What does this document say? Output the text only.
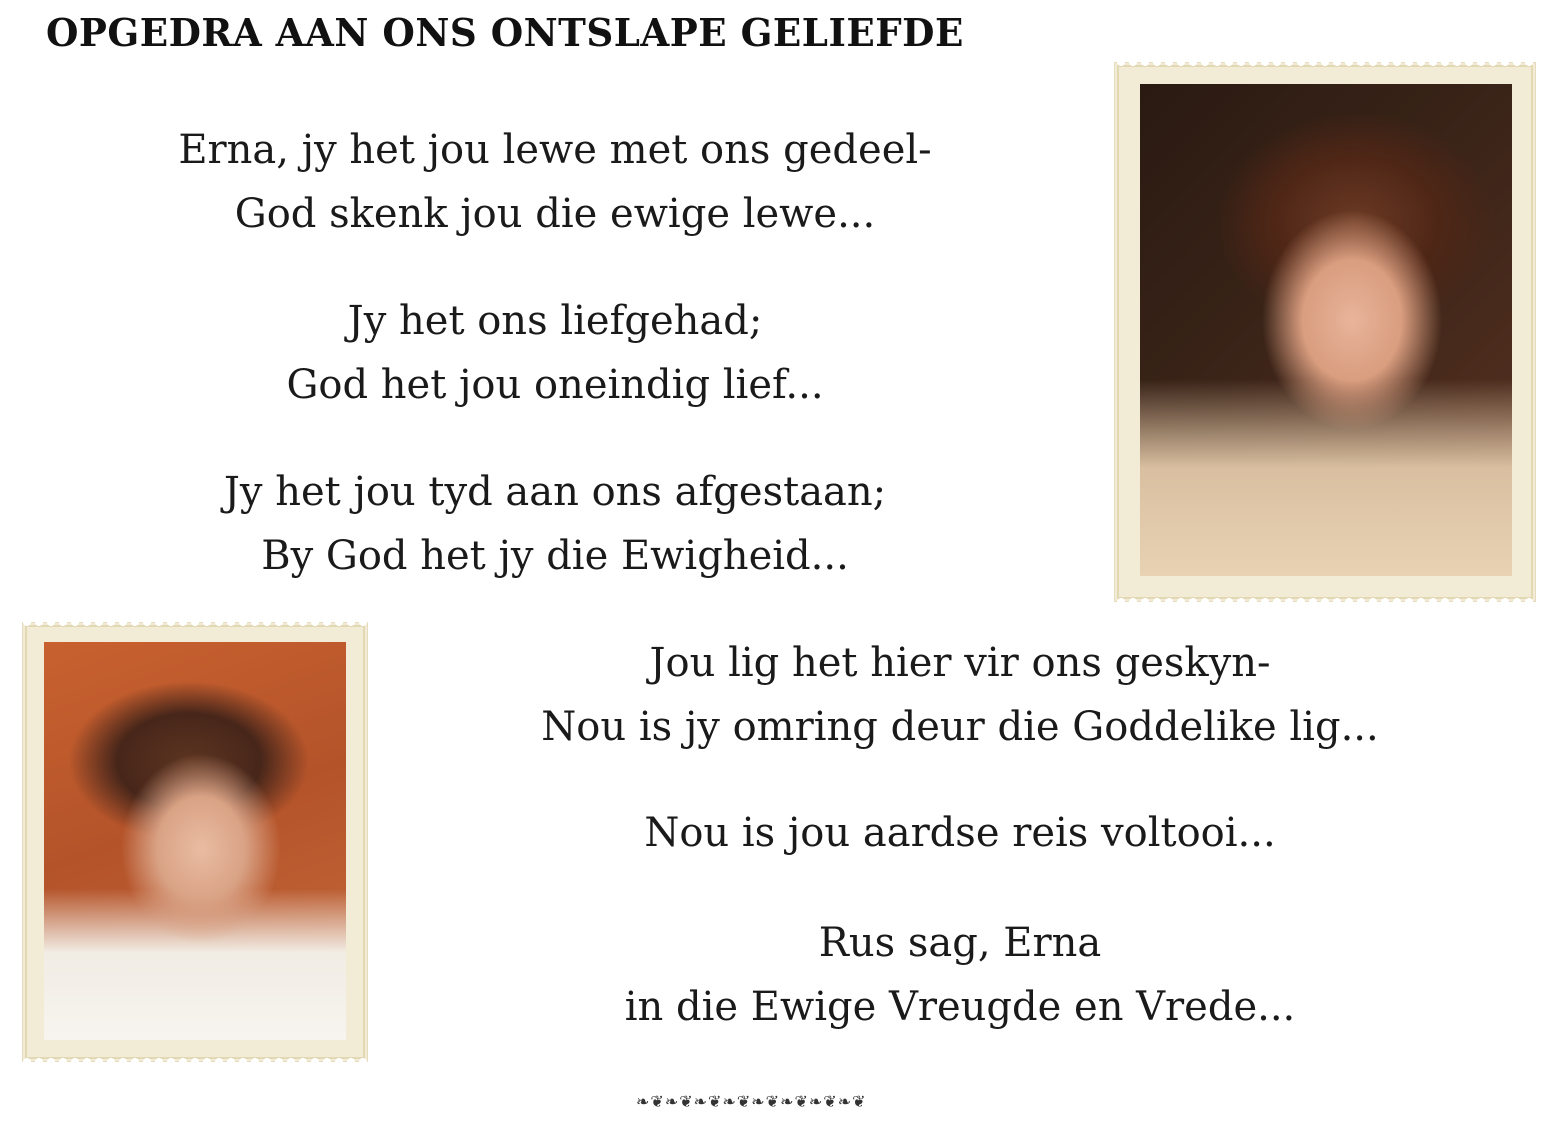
OPGEDRA AAN ONS ONTSLAPE GELIEFDE
Erna, jy het jou lewe met ons gedeel-
God skenk jou die ewige lewe...
Jy het ons liefgehad;
God het jou oneindig lief...
Jy het jou tyd aan ons afgestaan;
By God het jy die Ewigheid...
Jou lig het hier vir ons geskyn-
Nou is jy omring deur die Goddelike lig...
Nou is jou aardse reis voltooi...
Rus sag, Erna
in die Ewige Vreugde en Vrede...

❧❦❧❦❧❦❧❦❧❦❧❦❧❦❧❦
